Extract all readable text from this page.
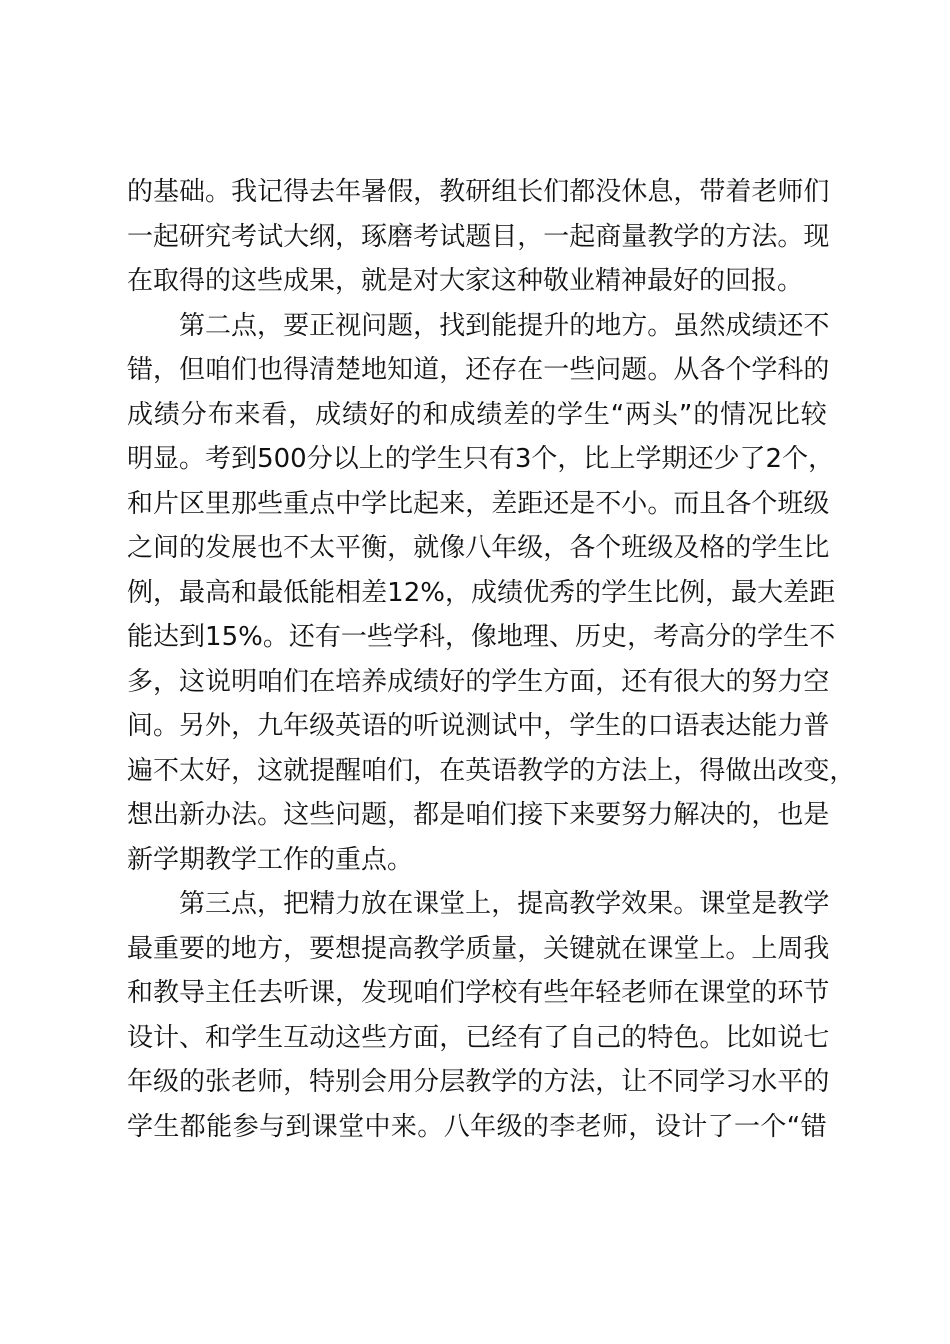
的 基 础 。 我 记 得 去 年 暑 假 ， 教 研 组 长 们 都 没 休 息 ， 带 着 老 师 们
一 起 研 究 考 试 大 纲 ， 琢 磨 考 试 题 目 ， 一 起 商 量 教 学 的 方 法 。 现
在取得的这些成果，就是对大家这种敬业精神最好的回报。
第 二 点 ， 要 正 视 问 题 ， 找 到 能 提 升 的 地 方 。 虽 然 成 绩 还 不
错 ， 但 咱 们 也 得 清 楚 地 知 道 ， 还 存 在 一 些 问 题 。 从 各 个 学 科 的
成 绩 分 布 来 看 ， 成 绩 好 的 和 成 绩 差 的 学 生 “ 两 头 ” 的 情 况 比 较
明 显 。 考 到 5 0 0 分 以 上 的 学 生 只 有 3 个 ， 比 上 学 期 还 少 了 2 个 ，
和 片 区 里 那 些 重 点 中 学 比 起 来 ， 差 距 还 是 不 小 。 而 且 各 个 班 级
之 间 的 发 展 也 不 太 平 衡 ， 就 像 八 年 级 ， 各 个 班 级 及 格 的 学 生 比
例 ， 最 高 和 最 低 能 相 差 1 2 % ， 成 绩 优 秀 的 学 生 比 例 ， 最 大 差 距
能 达 到 1 5 % 。 还 有 一 些 学 科 ， 像 地 理 、 历 史 ， 考 高 分 的 学 生 不
多 ， 这 说 明 咱 们 在 培 养 成 绩 好 的 学 生 方 面 ， 还 有 很 大 的 努 力 空
间 。 另 外 ， 九 年 级 英 语 的 听 说 测 试 中 ， 学 生 的 口 语 表 达 能 力 普
遍 不 太 好 ， 这 就 提 醒 咱 们 ， 在 英 语 教 学 的 方 法 上 ， 得 做 出 改 变 ，
想 出 新 办 法 。 这 些 问 题 ， 都 是 咱 们 接 下 来 要 努 力 解 决 的 ， 也 是
新学期教学工作的重点。
第 三 点 ， 把 精 力 放 在 课 堂 上 ， 提 高 教 学 效 果 。 课 堂 是 教 学
最 重 要 的 地 方 ， 要 想 提 高 教 学 质 量 ， 关 键 就 在 课 堂 上 。 上 周 我
和 教 导 主 任 去 听 课 ， 发 现 咱 们 学 校 有 些 年 轻 老 师 在 课 堂 的 环 节
设 计 、 和 学 生 互 动 这 些 方 面 ， 已 经 有 了 自 己 的 特 色 。 比 如 说 七
年 级 的 张 老 师 ， 特 别 会 用 分 层 教 学 的 方 法 ， 让 不 同 学 习 水 平 的
学 生 都 能 参 与 到 课 堂 中 来 。 八 年 级 的 李 老 师 ， 设 计 了 一 个 “ 错
